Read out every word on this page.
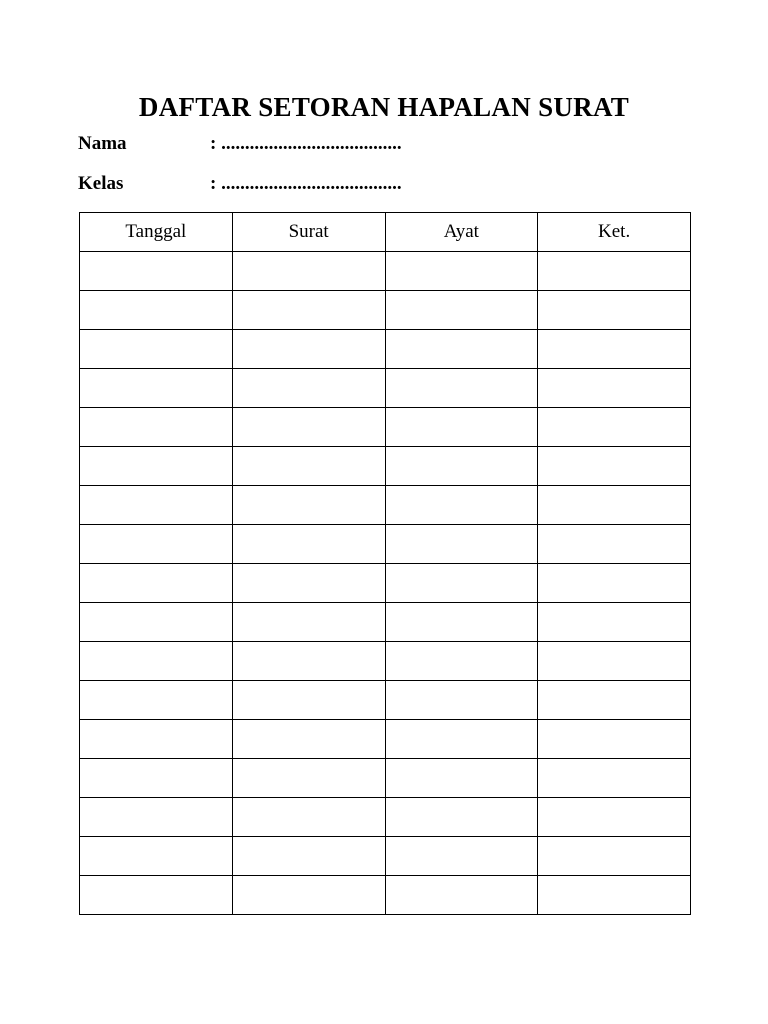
DAFTAR SETORAN HAPALAN SURAT
Nama	: ......................................
Kelas	: ......................................
Tanggal	Surat	Ayat	Ket.
